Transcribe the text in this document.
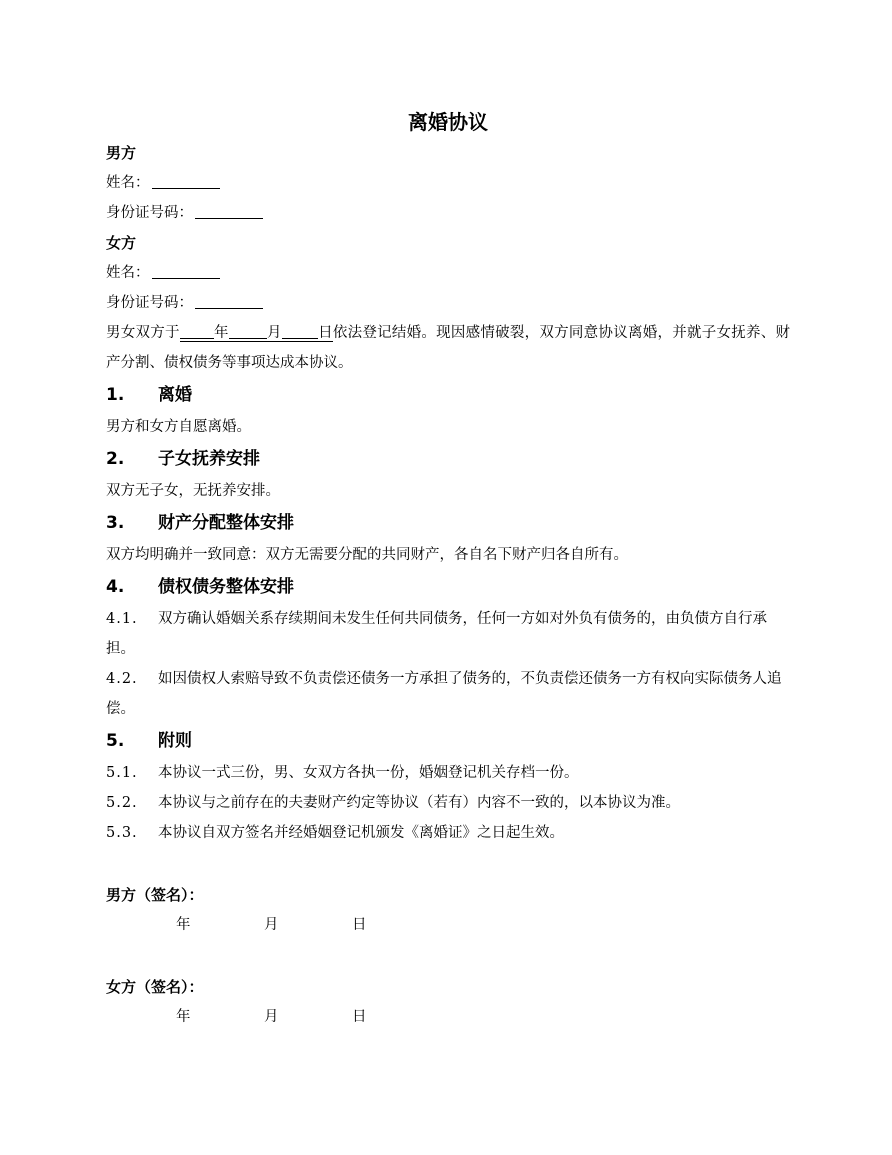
离婚协议

男方

姓名：

身份证号码：

女方

姓名：

身份证号码：

男女双方于 年	月 日依法登记结婚。现因感情破裂，双方同意协议离婚，并就子女抚养、财产分割、债权债务等事项达成本协议。

1.	离婚

男方和女方自愿离婚。

2.	子女抚养安排

双方无子女，无抚养安排。

3.	财产分配整体安排

双方均明确并一致同意：双方无需要分配的共同财产，各自名下财产归各自所有。

4.	债权债务整体安排

4.1. 双方确认婚姻关系存续期间未发生任何共同债务，任何一方如对外负有债务的，由负债方自行承担。

4.2. 如因债权人索赔导致不负责偿还债务一方承担了债务的，不负责偿还债务一方有权向实际债务人追偿。

5.	附则

5.1. 本协议一式三份，男、女双方各执一份，婚姻登记机关存档一份。

5.2. 本协议与之前存在的夫妻财产约定等协议（若有）内容不一致的，以本协议为准。

5.3. 本协议自双方签名并经婚姻登记机颁发《离婚证》之日起生效。

男方（签名）：

年	月	日

女方（签名）：

年	月	日
